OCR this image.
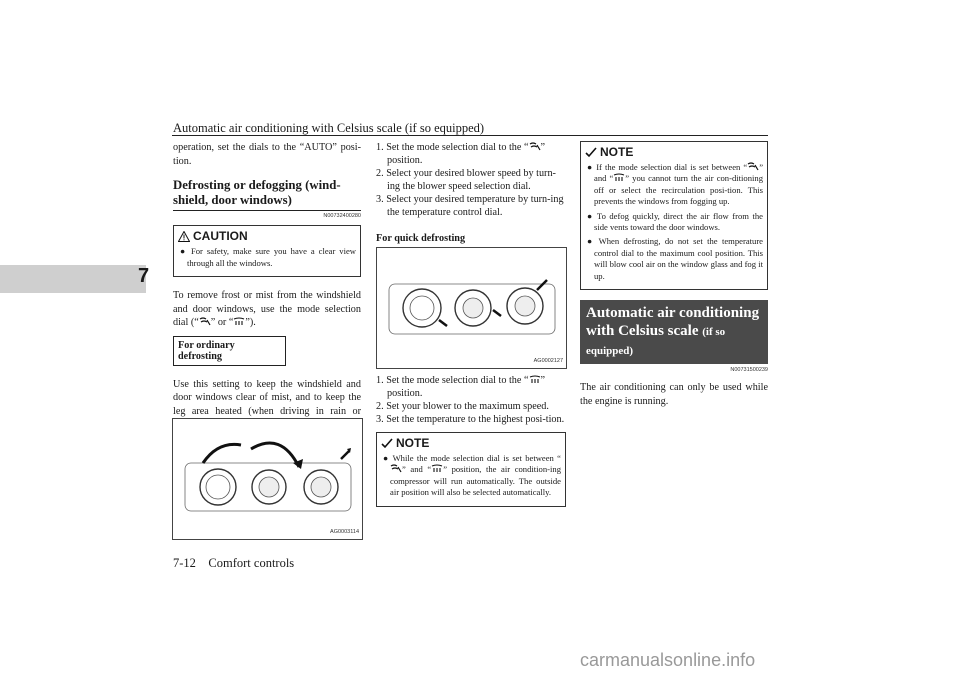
Automatic air conditioning with Celsius scale (if so equipped)
7

operation, set the dials to the “AUTO” posi-tion.

Defrosting or defogging (wind-shield, door windows)
N00732400280
CAUTION

● For safety, make sure you have a clear view through all the windows.

To remove frost or mist from the windshield and door windows, use the mode selection dial (“ ” or “ ”).

For ordinary defrosting

Use this setting to keep the windshield and door windows clear of mist, and to keep the leg area heated (when driving in rain or

AG0003114
1. Set the mode selection dial to the “ ” position.
2. Select your desired blower speed by turn-ing the blower speed selection dial.
3. Select your desired temperature by turn-ing the temperature control dial.
For quick defrosting
AG0002127
1. Set the mode selection dial to the “ ” position.
2. Set your blower to the maximum speed.
3. Set the temperature to the highest posi-tion.
NOTE

● While the mode selection dial is set between “” and “ ” position, the air condition-ing compressor will run automatically. The outside air position will also be selected automatically.

NOTE

● If the mode selection dial is set between “ ” and “ ” you cannot turn the air con-ditioning off or select the recirculation posi-tion. This prevents the windows from fogging up.

● To defog quickly, direct the air flow from the side vents toward the door windows.

● When defrosting, do not set the temperature control dial to the maximum cool position. This will blow cool air on the window glass and fog it up.

Automatic air conditioning with Celsius scale (if so equipped)
N00731500239

The air conditioning can only be used while the engine is running.

7-12 Comfort controls
carmanualsonline.info
